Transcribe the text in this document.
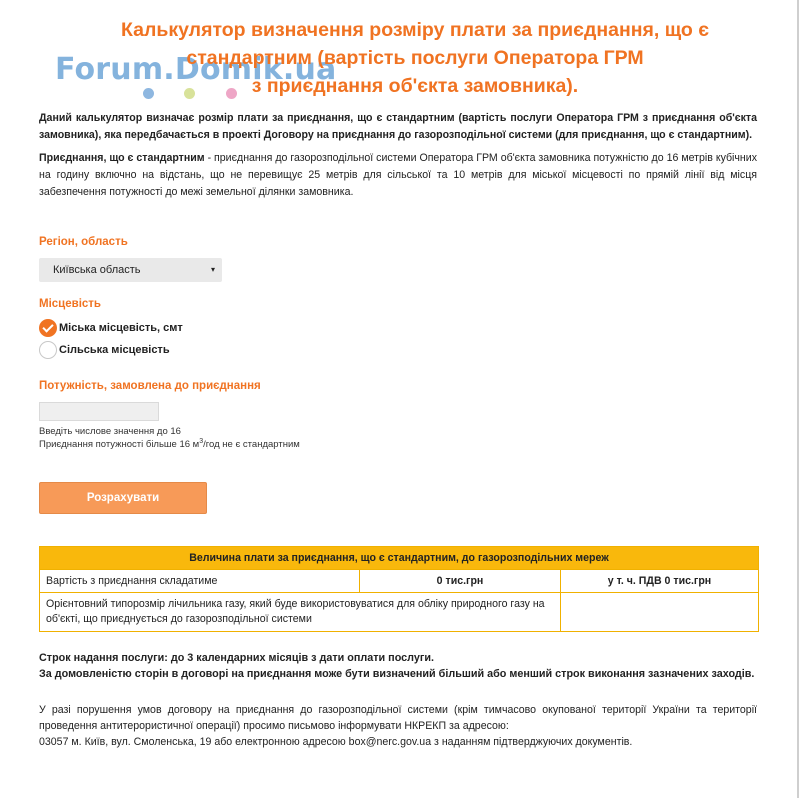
Forum.Domik.ua
Калькулятор визначення розміру плати за приєднання, що є
стандартним (вартість послуги Оператора ГРМ
з приєднання об'єкта замовника).

Даний калькулятор визначає розмір плати за приєднання, що є стандартним (вартість послуги Оператора ГРМ з приєднання об'єкта замовника), яка передбачається в проекті Договору на приєднання до газорозподільної системи (для приєднання, що є стандартним).

Приєднання, що є стандартним - приєднання до газорозподільної системи Оператора ГРМ об'єкта замовника потужністю до 16 метрів кубічних на годину включно на відстань, що не перевищує 25 метрів для сільської та 10 метрів для міської місцевості по прямій лінії від місця забезпечення потужності до межі земельної ділянки замовника.

Регіон, область
Київська область	▾
Місцевість
Міська місцевість, смт
Сільська місцевість
Потужність, замовлена до приєднання
Введіть числове значення до 16
Приєднання потужності більше 16 $м^3$/год не є стандартним
Розрахувати
Величина плати за приєднання, що є стандартним, до газорозподільних мереж		
Вартість з приєднання складатиме	0 тис.грн	у т. ч. ПДВ 0 тис.грн
Орієнтовний типорозмір лічильника газу, який буде використовуватися для обліку природного газу на об'єкті, що приєднується до газорозподільної системи		
Строк надання послуги: до 3 календарних місяців з дати оплати послуги.
За домовленістю сторін в договорі на приєднання може бути визначений більший або менший строк виконання зазначених заходів.
У разі порушення умов договору на приєднання до газорозподільної системи (крім тимчасово окупованої території України та території проведення антитерористичної операції) просимо письмово інформувати НКРЕКП за адресою:
03057 м. Київ, вул. Смоленська, 19 або електронною адресою box@nerc.gov.ua з наданням підтверджуючих документів.
